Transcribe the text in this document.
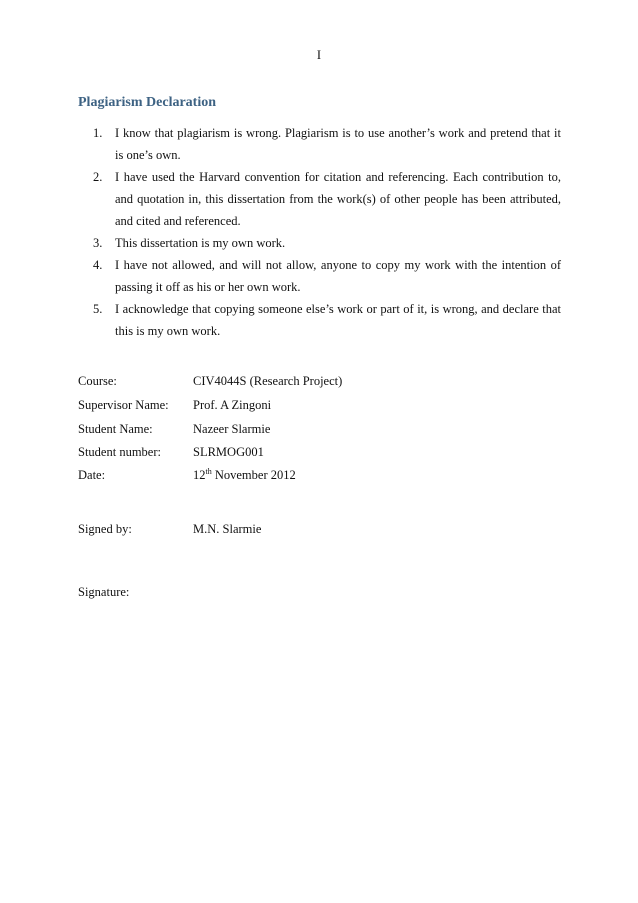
I
Plagiarism Declaration
1. I know that plagiarism is wrong. Plagiarism is to use another’s work and pretend that it is one’s own.
2. I have used the Harvard convention for citation and referencing. Each contribution to, and quotation in, this dissertation from the work(s) of other people has been attributed, and cited and referenced.
3. This dissertation is my own work.
4. I have not allowed, and will not allow, anyone to copy my work with the intention of passing it off as his or her own work.
5. I acknowledge that copying someone else’s work or part of it, is wrong, and declare that this is my own work.
Course:	CIV4044S (Research Project)
Supervisor Name:	Prof. A Zingoni
Student Name:	Nazeer Slarmie
Student number:	SLRMOG001
Date:	12th November 2012
Signed by:	M.N. Slarmie
Signature:
